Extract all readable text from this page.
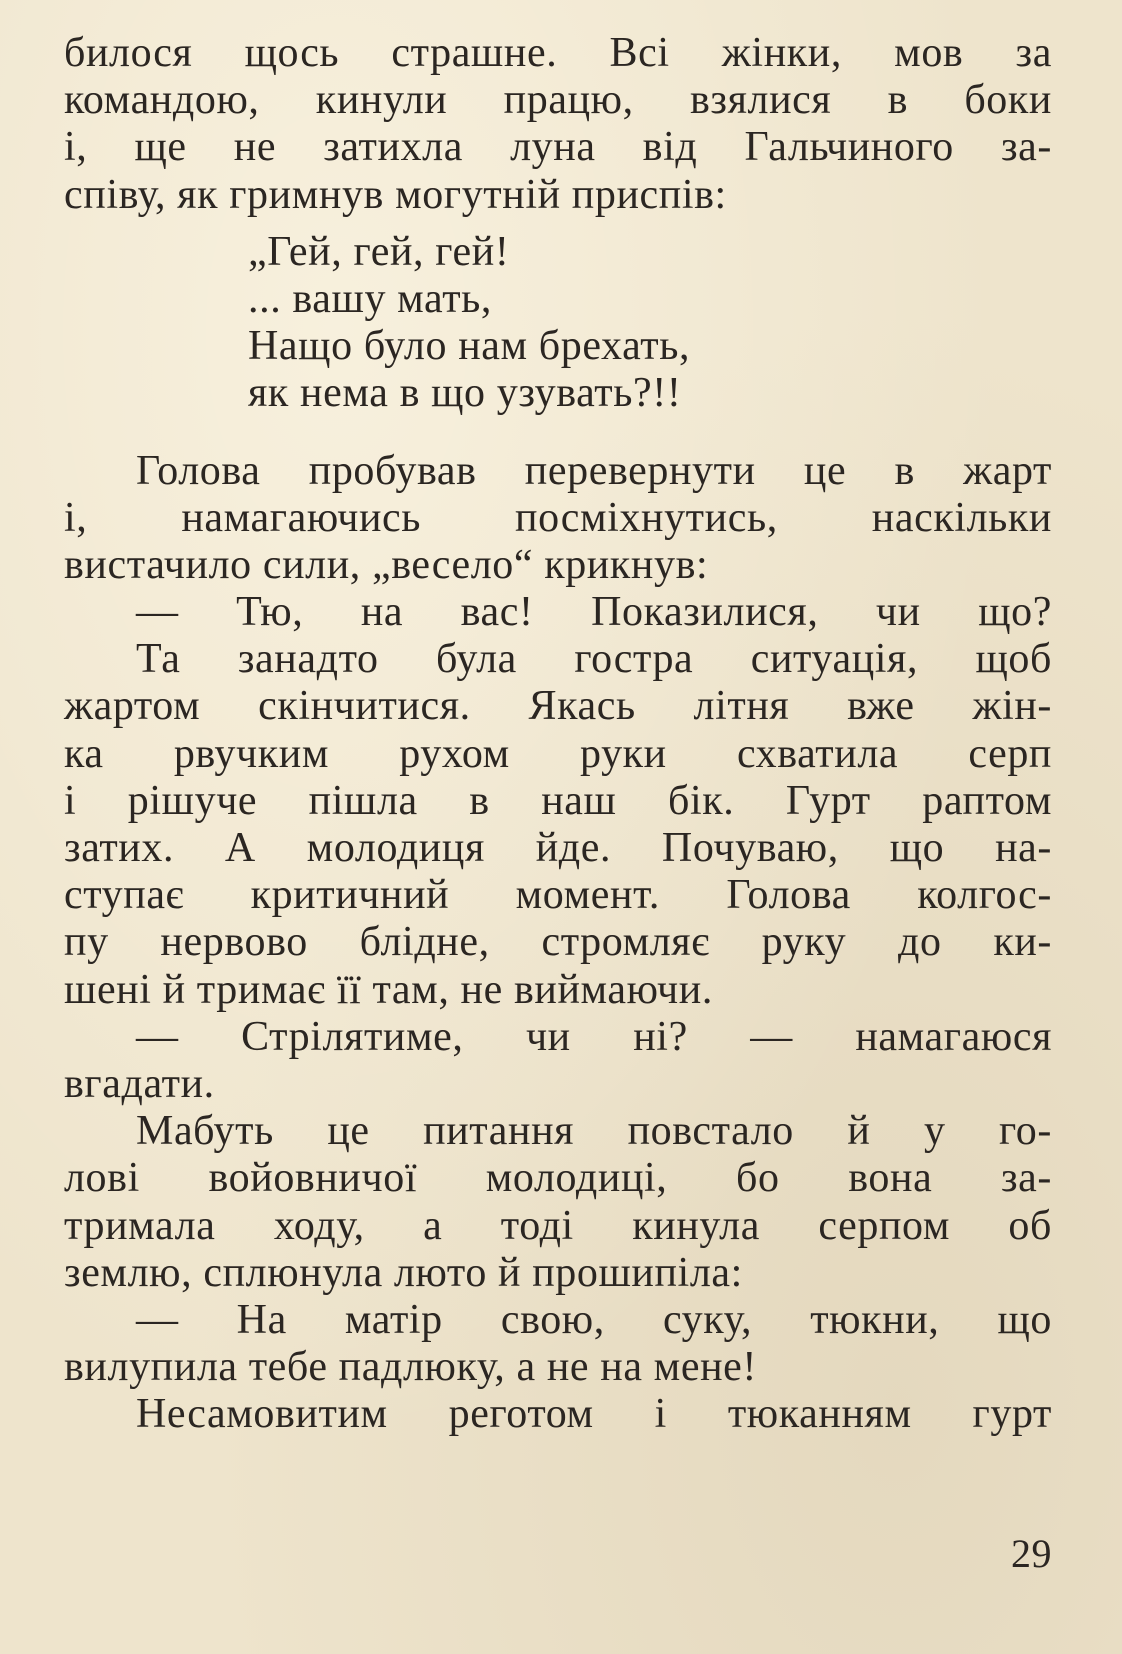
билося щось страшне. Всі жінки, мов за
командою, кинули працю, взялися в боки
і, ще не затихла луна від Гальчиного за-
співу, як гримнув могутній приспів:
„Гей, гей, гей!
... вашу мать,
Нащо було нам брехать,
як нема в що узувать?!!
Голова пробував перевернути це в жарт
і, намагаючись посміхнутись, наскільки
вистачило сили, „весело“ крикнув:
— Тю, на вас! Показилися, чи що?
Та занадто була гостра ситуація, щоб
жартом скінчитися. Якась літня вже жін-
ка рвучким рухом руки схватила серп
і рішуче пішла в наш бік. Гурт раптом
затих. А молодиця йде. Почуваю, що на-
ступає критичний момент. Голова колгос-
пу нервово блідне, стромляє руку до ки-
шені й тримає її там, не виймаючи.
— Стрілятиме, чи ні? — намагаюся
вгадати.
Мабуть це питання повстало й у го-
лові войовничої молодиці, бо вона за-
тримала ходу, а тоді кинула серпом об
землю, сплюнула люто й прошипіла:
— На матір свою, суку, тюкни, що
вилупила тебе падлюку, а не на мене!
Несамовитим реготом і тюканням гурт
29
